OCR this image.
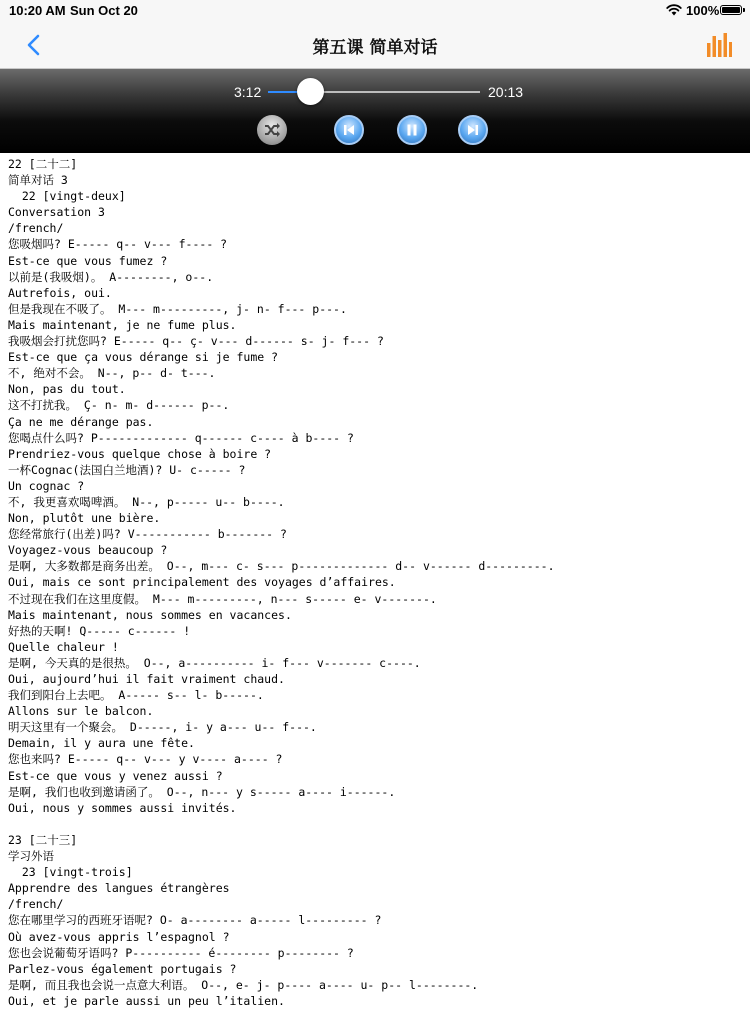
10:20 AM Sun Oct 20	100%
第五课 简单对话
3:12	20:13
22 [二十二]
简单对话 3
22 [vingt-deux]
Conversation 3
/french/
您吸烟吗? E----- q-- v--- f---- ?
Est-ce que vous fumez ?
以前是(我吸烟)。 A--------, o--.
Autrefois, oui.
但是我现在不吸了。 M--- m---------, j- n- f--- p---.
Mais maintenant, je ne fume plus.
我吸烟会打扰您吗? E----- q-- ç- v--- d------ s- j- f--- ?
Est-ce que ça vous dérange si je fume ?
不, 绝对不会。 N--, p-- d- t---.
Non, pas du tout.
这不打扰我。 Ç- n- m- d------ p--.
Ça ne me dérange pas.
您喝点什么吗? P------------- q------ c---- à b---- ?
Prendriez-vous quelque chose à boire ?
一杯Cognac(法国白兰地酒)? U- c----- ?
Un cognac ?
不, 我更喜欢喝啤酒。 N--, p----- u-- b----.
Non, plutôt une bière.
您经常旅行(出差)吗? V----------- b------- ?
Voyagez-vous beaucoup ?
是啊, 大多数都是商务出差。 O--, m--- c- s--- p------------- d-- v------ d---------.
Oui, mais ce sont principalement des voyages d’affaires.
不过现在我们在这里度假。 M--- m---------, n--- s----- e- v-------.
Mais maintenant, nous sommes en vacances.
好热的天啊! Q----- c------ !
Quelle chaleur !
是啊, 今天真的是很热。 O--, a---------- i- f--- v------- c----.
Oui, aujourd’hui il fait vraiment chaud.
我们到阳台上去吧。 A----- s-- l- b-----.
Allons sur le balcon.
明天这里有一个聚会。 D-----, i- y a--- u-- f---.
Demain, il y aura une fête.
您也来吗? E----- q-- v--- y v---- a---- ?
Est-ce que vous y venez aussi ?
是啊, 我们也收到邀请函了。 O--, n--- y s----- a---- i------.
Oui, nous y sommes aussi invités.
23 [二十三]
学习外语
23 [vingt-trois]
Apprendre des langues étrangères
/french/
您在哪里学习的西班牙语呢? O- a-------- a----- l--------- ?
Où avez-vous appris l’espagnol ?
您也会说葡萄牙语吗? P---------- é-------- p-------- ?
Parlez-vous également portugais ?
是啊, 而且我也会说一点意大利语。 O--, e- j- p---- a---- u- p-- l--------.
Oui, et je parle aussi un peu l’italien.
